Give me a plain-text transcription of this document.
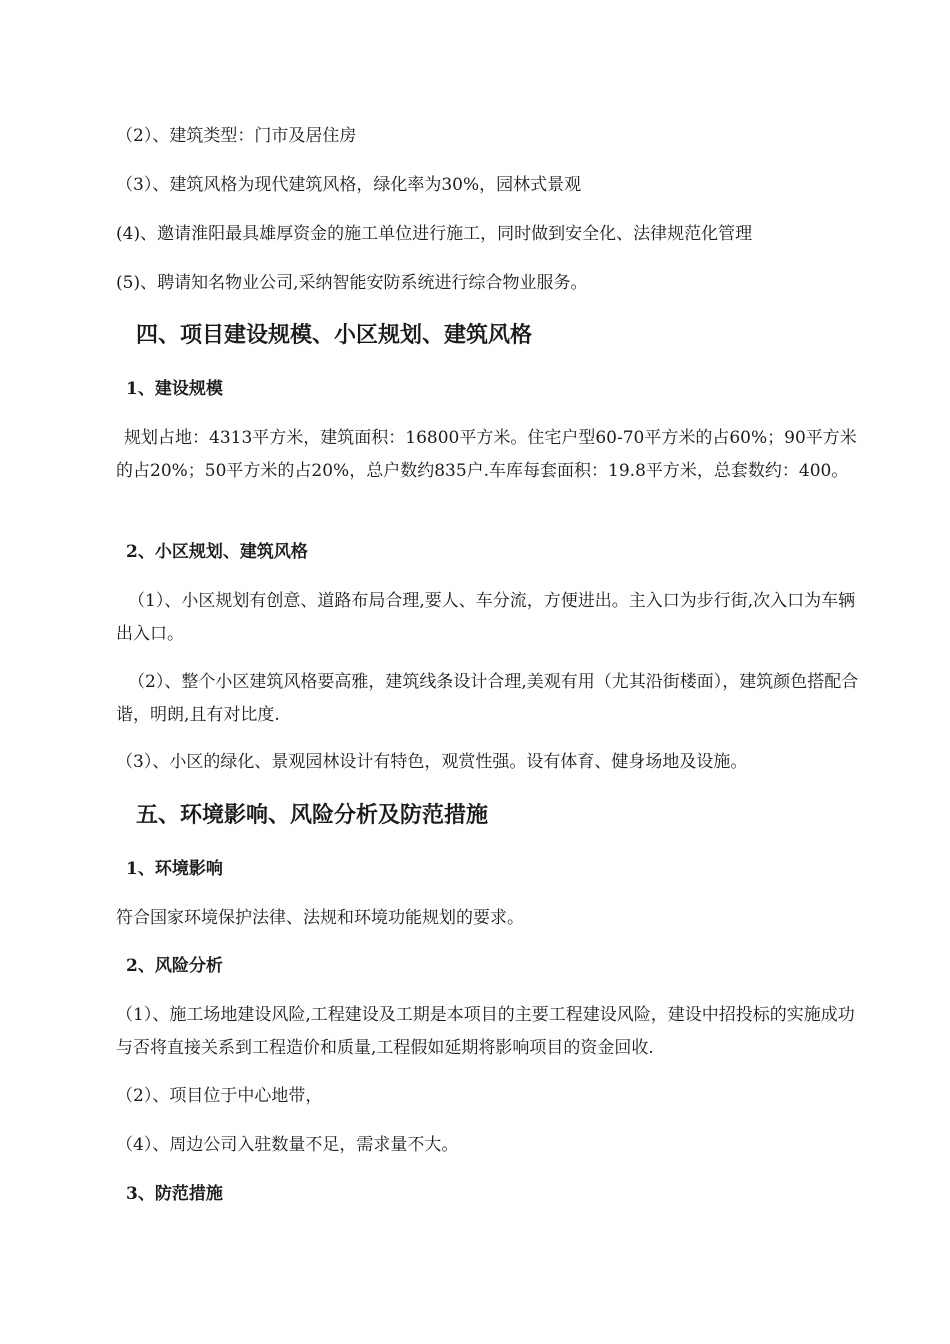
（2）、建筑类型：门市及居住房

（3）、建筑风格为现代建筑风格，绿化率为30%，园林式景观

(4)、邀请淮阳最具雄厚资金的施工单位进行施工，同时做到安全化、法律规范化管理

(5)、聘请知名物业公司,采纳智能安防系统进行综合物业服务。

四、项目建设规模、小区规划、建筑风格
1、建设规模

规划占地：4313平方米，建筑面积：16800平方米。住宅户型60-70平方米的占60%；90平方米的占20%；50平方米的占20%，总户数约835户.车库每套面积：19.8平方米，总套数约：400。

2、小区规划、建筑风格

（1）、小区规划有创意、道路布局合理,要人、车分流，方便进出。主入口为步行街,次入口为车辆出入口。

（2）、整个小区建筑风格要高雅，建筑线条设计合理,美观有用（尤其沿街楼面），建筑颜色搭配合谐，明朗,且有对比度.

（3）、小区的绿化、景观园林设计有特色，观赏性强。设有体育、健身场地及设施。

五、环境影响、风险分析及防范措施
1、环境影响

符合国家环境保护法律、法规和环境功能规划的要求。

2、风险分析

（1）、施工场地建设风险,工程建设及工期是本项目的主要工程建设风险，建设中招投标的实施成功与否将直接关系到工程造价和质量,工程假如延期将影响项目的资金回收.

（2）、项目位于中心地带，

（4）、周边公司入驻数量不足，需求量不大。

3、防范措施
